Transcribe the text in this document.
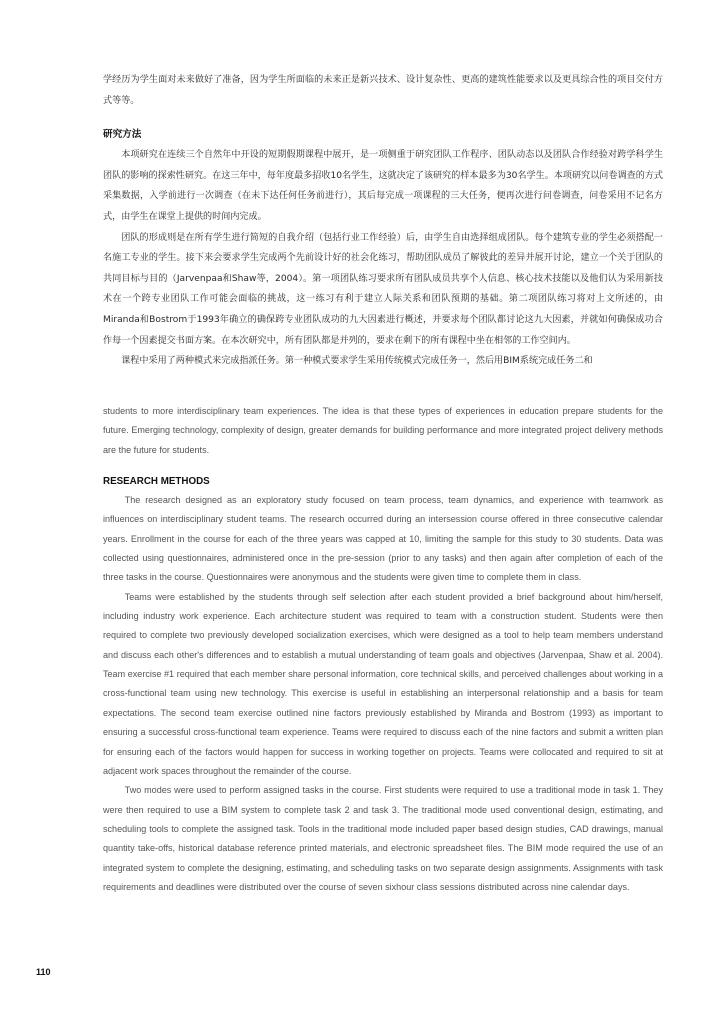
学经历为学生面对未来做好了准备，因为学生所面临的未来正是新兴技术、设计复杂性、更高的建筑性能要求以及更具综合性的项目交付方式等等。

研究方法

本项研究在连续三个自然年中开设的短期假期课程中展开，是一项侧重于研究团队工作程序、团队动态以及团队合作经验对跨学科学生团队的影响的探索性研究。在这三年中，每年度最多招收10名学生，这就决定了该研究的样本最多为30名学生。本项研究以问卷调查的方式采集数据，入学前进行一次调查（在未下达任何任务前进行），其后每完成一项课程的三大任务，便再次进行问卷调查，问卷采用不记名方式，由学生在课堂上提供的时间内完成。

团队的形成则是在所有学生进行简短的自我介绍（包括行业工作经验）后，由学生自由选择组成团队。每个建筑专业的学生必须搭配一名施工专业的学生。接下来会要求学生完成两个先前设计好的社会化练习，帮助团队成员了解彼此的差异并展开讨论，建立一个关于团队的共同目标与目的（Jarvenpaa和Shaw等，2004）。第一项团队练习要求所有团队成员共享个人信息、核心技术技能以及他们认为采用新技术在一个跨专业团队工作可能会面临的挑战，这一练习有利于建立人际关系和团队预期的基础。第二项团队练习将对上文所述的，由Miranda和Bostrom于1993年确立的确保跨专业团队成功的九大因素进行概述，并要求每个团队都讨论这九大因素，并就如何确保成功合作每一个因素提交书面方案。在本次研究中，所有团队都是并列的，要求在剩下的所有课程中坐在相邻的工作空间内。

课程中采用了两种模式来完成指派任务。第一种模式要求学生采用传统模式完成任务一，然后用BIM系统完成任务二和

students to more interdisciplinary team experiences. The idea is that these types of experiences in education prepare students for the future. Emerging technology, complexity of design, greater demands for building performance and more integrated project delivery methods are the future for students.

RESEARCH METHODS

The research designed as an exploratory study focused on team process, team dynamics, and experience with teamwork as influences on interdisciplinary student teams. The research occurred during an intersession course offered in three consecutive calendar years. Enrollment in the course for each of the three years was capped at 10, limiting the sample for this study to 30 students. Data was collected using questionnaires, administered once in the pre-session (prior to any tasks) and then again after completion of each of the three tasks in the course. Questionnaires were anonymous and the students were given time to complete them in class.

Teams were established by the students through self selection after each student provided a brief background about him/herself, including industry work experience. Each architecture student was required to team with a construction student. Students were then required to complete two previously developed socialization exercises, which were designed as a tool to help team members understand and discuss each other's differences and to establish a mutual understanding of team goals and objectives (Jarvenpaa, Shaw et al. 2004). Team exercise #1 required that each member share personal information, core technical skills, and perceived challenges about working in a cross-functional team using new technology. This exercise is useful in establishing an interpersonal relationship and a basis for team expectations. The second team exercise outlined nine factors previously established by Miranda and Bostrom (1993) as important to ensuring a successful cross-functional team experience. Teams were required to discuss each of the nine factors and submit a written plan for ensuring each of the factors would happen for success in working together on projects. Teams were collocated and required to sit at adjacent work spaces throughout the remainder of the course.

Two modes were used to perform assigned tasks in the course. First students were required to use a traditional mode in task 1. They were then required to use a BIM system to complete task 2 and task 3. The traditional mode used conventional design, estimating, and scheduling tools to complete the assigned task. Tools in the traditional mode included paper based design studies, CAD drawings, manual quantity take-offs, historical database reference printed materials, and electronic spreadsheet files. The BIM mode required the use of an integrated system to complete the designing, estimating, and scheduling tasks on two separate design assignments. Assignments with task requirements and deadlines were distributed over the course of seven sixhour class sessions distributed across nine calendar days.

110
